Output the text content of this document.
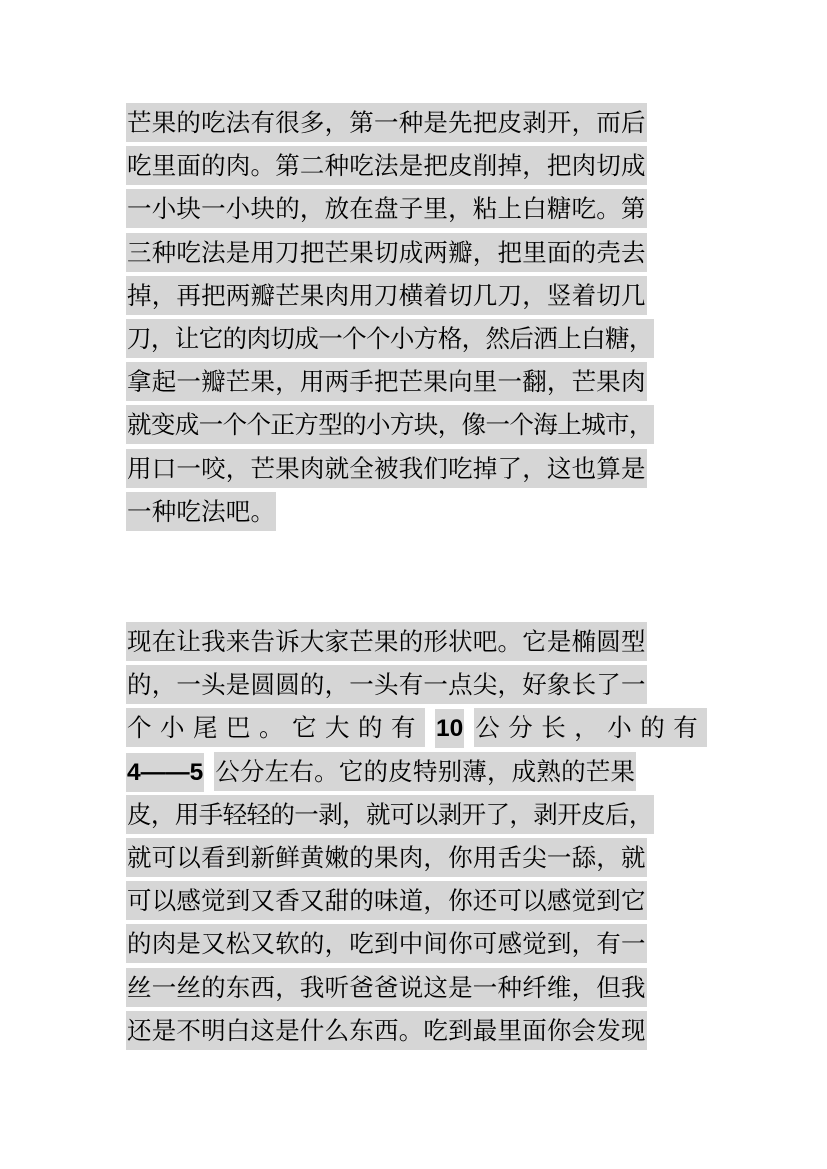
芒果的吃法有很多，第一种是先把皮剥开，而后
吃里面的肉。第二种吃法是把皮削掉，把肉切成
一小块一小块的，放在盘子里，粘上白糖吃。第
三种吃法是用刀把芒果切成两瓣，把里面的壳去
掉，再把两瓣芒果肉用刀横着切几刀，竖着切几
刀，让它的肉切成一个个小方格，然后洒上白糖，
拿起一瓣芒果，用两手把芒果向里一翻，芒果肉
就变成一个个正方型的小方块，像一个海上城市，
用口一咬，芒果肉就全被我们吃掉了，这也算是
一种吃法吧。
现在让我来告诉大家芒果的形状吧。它是椭圆型
的，一头是圆圆的，一头有一点尖，好象长了一
个小尾巴。它大的有 10 公分长，小的有
4——5 公分左右。它的皮特别薄，成熟的芒果
皮，用手轻轻的一剥，就可以剥开了，剥开皮后，
就可以看到新鲜黄嫩的果肉，你用舌尖一舔，就
可以感觉到又香又甜的味道，你还可以感觉到它
的肉是又松又软的，吃到中间你可感觉到，有一
丝一丝的东西，我听爸爸说这是一种纤维，但我
还是不明白这是什么东西。吃到最里面你会发现
